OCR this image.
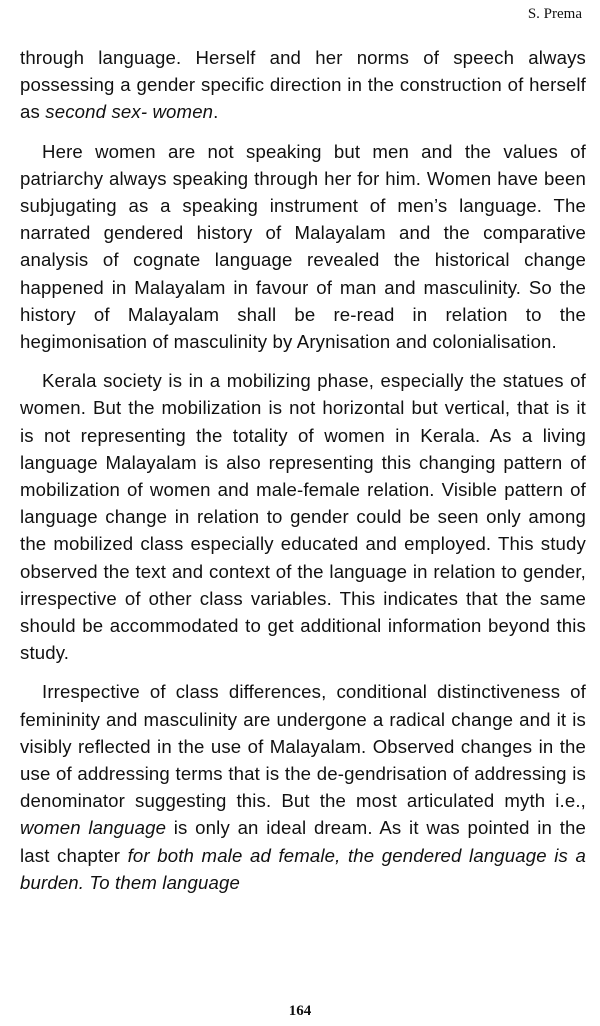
S. Prema

through language. Herself and her norms of speech always possessing a gender specific direction in the construction of herself as second sex- women.

Here women are not speaking but men and the values of patriarchy always speaking through her for him. Women have been subjugating as a speaking instrument of men’s language. The narrated gendered history of Malayalam and the comparative analysis of cognate language revealed the historical change happened in Malayalam in favour of man and masculinity. So the history of Malayalam shall be re-read in relation to the hegimonisation of masculinity by Arynisation and colonialisation.

Kerala society is in a mobilizing phase, especially the statues of women. But the mobilization is not horizontal but vertical, that is it is not representing the totality of women in Kerala. As a living language Malayalam is also representing this changing pattern of mobilization of women and male-female relation. Visible pattern of language change in relation to gender could be seen only among the mobilized class especially educated and employed. This study observed the text and context of the language in relation to gender, irrespective of other class variables. This indicates that the same should be accommodated to get additional information beyond this study.

Irrespective of class differences, conditional distinctiveness of femininity and masculinity are undergone a radical change and it is visibly reflected in the use of Malayalam. Observed changes in the use of addressing terms that is the de-gendrisation of addressing is denominator suggesting this. But the most articulated myth i.e., women language is only an ideal dream. As it was pointed in the last chapter for both male ad female, the gendered language is a burden. To them language

164
